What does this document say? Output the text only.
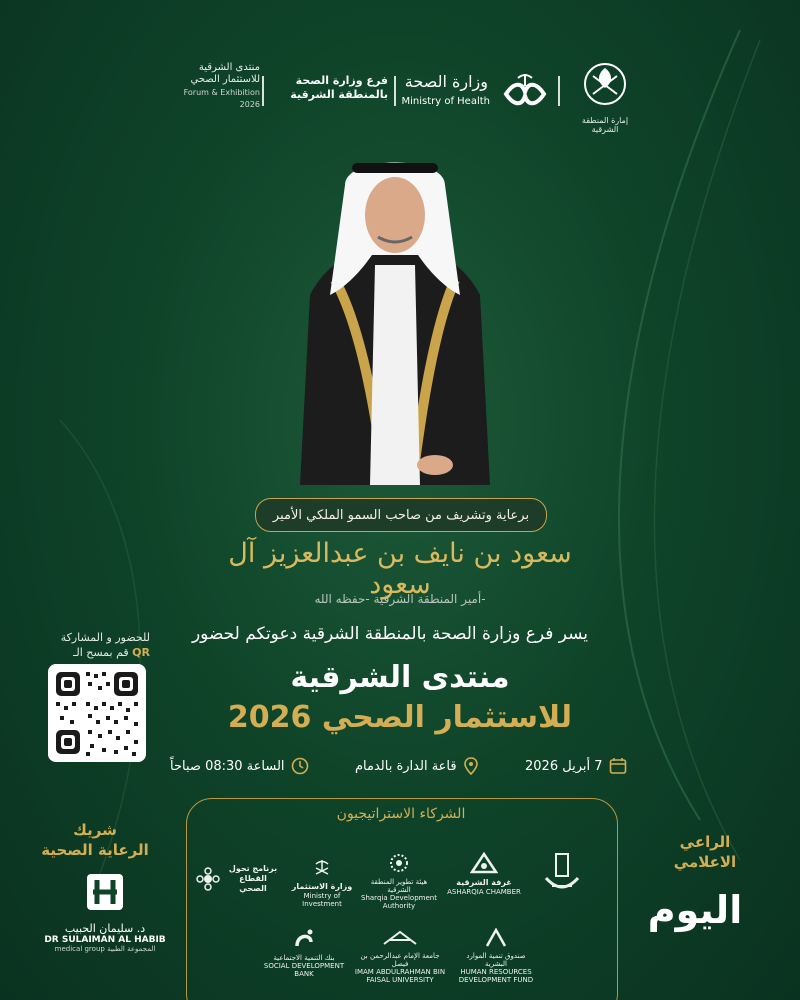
منتدى الشرقية
للاستثمار الصحي
Forum & Exhibition
2026
فرع وزارة الصحة
بالمنطقة الشرقية
وزارة الصحة
Ministry of Health
إمارة المنطقة الشرقية
برعاية وتشريف من صاحب السمو الملكي الأمير
سعود بن نايف بن عبدالعزيز آل سعود
أمير المنطقة الشرقية -حفظه الله-
يسر فرع وزارة الصحة بالمنطقة الشرقية دعوتكم لحضور
منتدى الشرقية
للاستثمار الصحي 2026
الساعة 08:30 صباحاً	قاعة الدارة بالدمام	7 أبريل 2026
للحضور و المشاركة
قم بمسح الـ QR
الشركاء الاستراتيجيون
غرفة الشرقية
ASHARQIA CHAMBER
هيئة تطوير المنطقة الشرقية
Sharqia Development Authority
وزارة الاستثمار
Ministry of Investment
برنامج تحول القطاع الصحي
صندوق تنمية الموارد البشرية
HUMAN RESOURCES DEVELOPMENT FUND
جامعة الإمام عبدالرحمن بن فيصل
IMAM ABDULRAHMAN BIN FAISAL UNIVERSITY
بنك التنمية الاجتماعية
SOCIAL DEVELOPMENT BANK
شريك
الرعاية الصحية
د. سليمان الحبيب
DR SULAIMAN AL HABIB
medical group المجموعة الطبية
الراعي
الاعلامي
اليوم
